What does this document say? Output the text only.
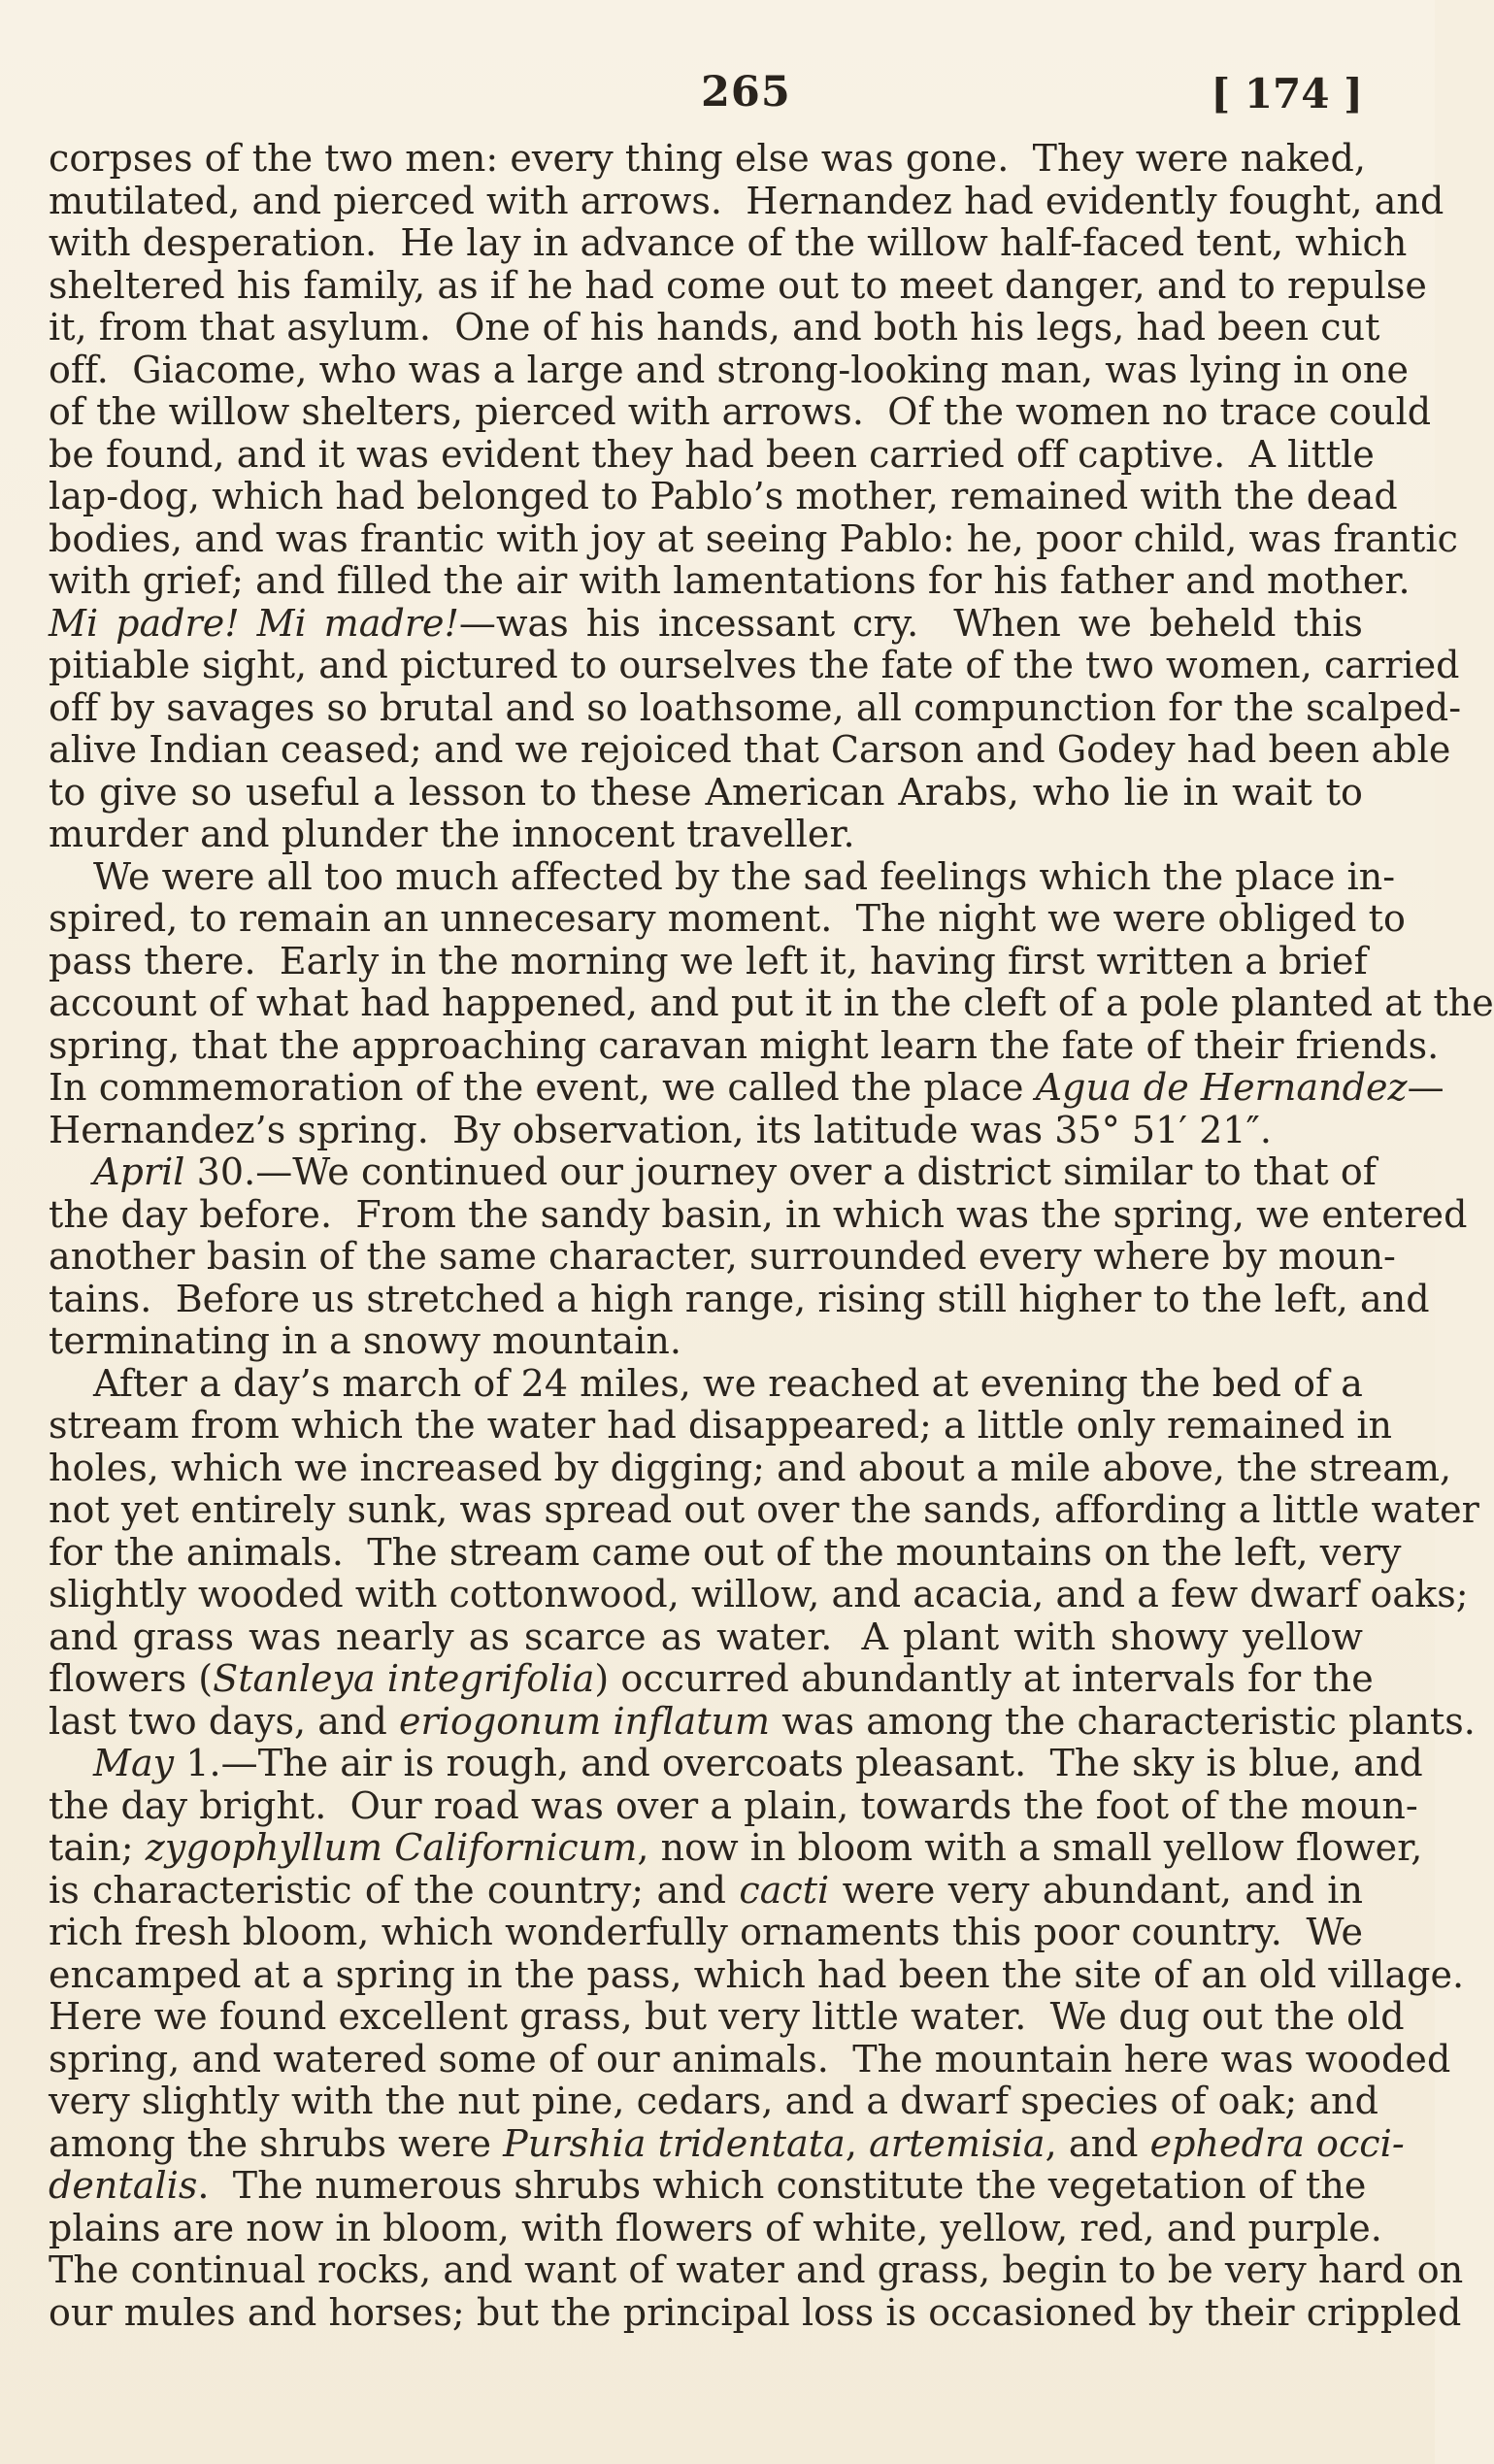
265	[ 174 ]
corpses of the two men: every thing else was gone.  They were naked,
mutilated, and pierced with arrows.  Hernandez had evidently fought, and
with desperation.  He lay in advance of the willow half-faced tent, which
sheltered his family, as if he had come out to meet danger, and to repulse
it, from that asylum.  One of his hands, and both his legs, had been cut
off.  Giacome, who was a large and strong-looking man, was lying in one
of the willow shelters, pierced with arrows.  Of the women no trace could
be found, and it was evident they had been carried off captive.  A little
lap-dog, which had belonged to Pablo’s mother, remained with the dead
bodies, and was frantic with joy at seeing Pablo: he, poor child, was frantic
with grief; and filled the air with lamentations for his father and mother.
Mi padre! Mi madre! —was his incessant cry.  When we beheld this
pitiable sight, and pictured to ourselves the fate of the two women, carried
off by savages so brutal and so loathsome, all compunction for the scalped-
alive Indian ceased; and we rejoiced that Carson and Godey had been able
to give so useful a lesson to these American Arabs, who lie in wait to
murder and plunder the innocent traveller.
We were all too much affected by the sad feelings which the place in-
spired, to remain an unnecesary moment.  The night we were obliged to
pass there.  Early in the morning we left it, having first written a brief
account of what had happened, and put it in the cleft of a pole planted at the
spring, that the approaching caravan might learn the fate of their friends.
In commemoration of the event, we called the place Agua de Hernandez —
Hernandez’s spring.  By observation, its latitude was 35° 51′ 21″.
April 30.—We continued our journey over a district similar to that of
the day before.  From the sandy basin, in which was the spring, we entered
another basin of the same character, surrounded every where by moun-
tains.  Before us stretched a high range, rising still higher to the left, and
terminating in a snowy mountain.
After a day’s march of 24 miles, we reached at evening the bed of a
stream from which the water had disappeared; a little only remained in
holes, which we increased by digging; and about a mile above, the stream,
not yet entirely sunk, was spread out over the sands, affording a little water
for the animals.  The stream came out of the mountains on the left, very
slightly wooded with cottonwood, willow, and acacia, and a few dwarf oaks;
and grass was nearly as scarce as water.  A plant with showy yellow
flowers ( Stanleya integrifolia ) occurred abundantly at intervals for the
last two days, and eriogonum inflatum was among the characteristic plants.
May 1.—The air is rough, and overcoats pleasant.  The sky is blue, and
the day bright.  Our road was over a plain, towards the foot of the moun-
tain; zygophyllum Californicum , now in bloom with a small yellow flower,
is characteristic of the country; and cacti were very abundant, and in
rich fresh bloom, which wonderfully ornaments this poor country.  We
encamped at a spring in the pass, which had been the site of an old village.
Here we found excellent grass, but very little water.  We dug out the old
spring, and watered some of our animals.  The mountain here was wooded
very slightly with the nut pine, cedars, and a dwarf species of oak; and
among the shrubs were Purshia tridentata , artemisia , and ephedra occi-
dentalis .  The numerous shrubs which constitute the vegetation of the
plains are now in bloom, with flowers of white, yellow, red, and purple.
The continual rocks, and want of water and grass, begin to be very hard on
our mules and horses; but the principal loss is occasioned by their crippled
